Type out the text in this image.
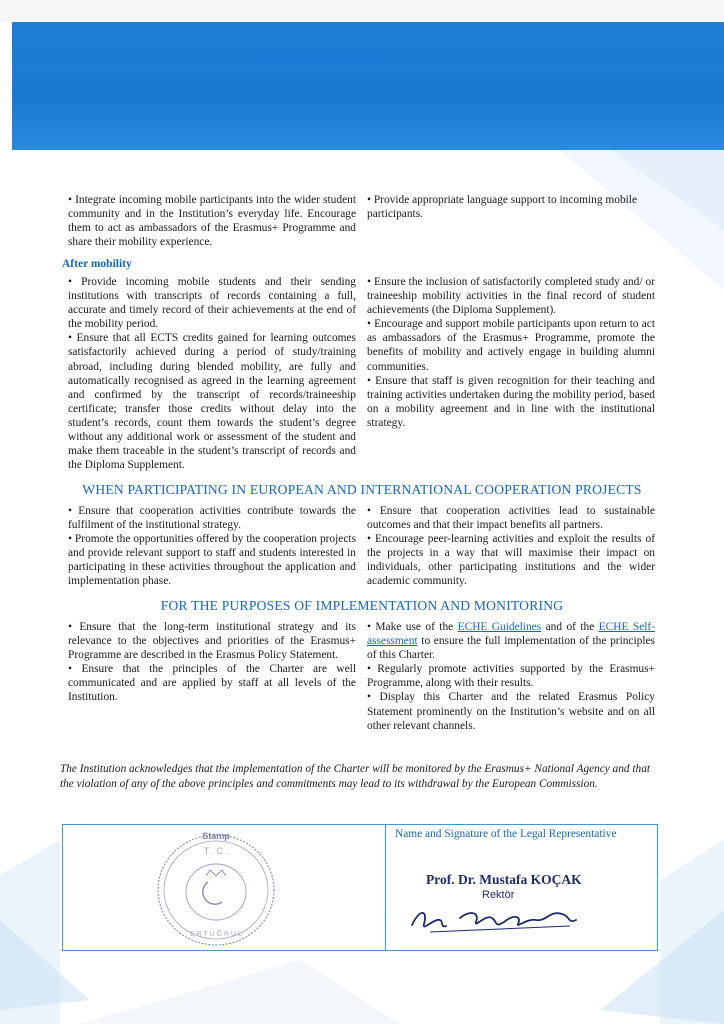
• Integrate incoming mobile participants into the wider student community and in the Institution’s everyday life. Encourage them to act as ambassadors of the Erasmus+ Programme and share their mobility experience.

• Provide appropriate language support to incoming mobile participants.

After mobility

• Provide incoming mobile students and their sending institutions with transcripts of records containing a full, accurate and timely record of their achievements at the end of the mobility period.

• Ensure that all ECTS credits gained for learning outcomes satisfactorily achieved during a period of study/training abroad, including during blended mobility, are fully and automatically recognised as agreed in the learning agreement and confirmed by the transcript of records/traineeship certificate; transfer those credits without delay into the student’s records, count them towards the student’s degree without any additional work or assessment of the student and make them traceable in the student’s transcript of records and the Diploma Supplement.

• Ensure the inclusion of satisfactorily completed study and/ or traineeship mobility activities in the final record of student achievements (the Diploma Supplement).

• Encourage and support mobile participants upon return to act as ambassadors of the Erasmus+ Programme, promote the benefits of mobility and actively engage in building alumni communities.

• Ensure that staff is given recognition for their teaching and training activities undertaken during the mobility period, based on a mobility agreement and in line with the institutional strategy.

WHEN PARTICIPATING IN EUROPEAN AND INTERNATIONAL COOPERATION PROJECTS

• Ensure that cooperation activities contribute towards the fulfilment of the institutional strategy.

• Promote the opportunities offered by the cooperation projects and provide relevant support to staff and students interested in participating in these activities throughout the application and implementation phase.

• Ensure that cooperation activities lead to sustainable outcomes and that their impact benefits all partners.

• Encourage peer-learning activities and exploit the results of the projects in a way that will maximise their impact on individuals, other participating institutions and the wider academic community.

FOR THE PURPOSES OF IMPLEMENTATION AND MONITORING

• Ensure that the long-term institutional strategy and its relevance to the objectives and priorities of the Erasmus+ Programme are described in the Erasmus Policy Statement.

• Ensure that the principles of the Charter are well communicated and are applied by staff at all levels of the Institution.

• Make use of the ECHE Guidelines and of the ECHE Self-assessment to ensure the full implementation of the principles of this Charter.

• Regularly promote activities supported by the Erasmus+ Programme, along with their results.

• Display this Charter and the related Erasmus Policy Statement prominently on the Institution’s website and on all other relevant channels.

The Institution acknowledges that the implementation of the Charter will be monitored by the Erasmus+ National Agency and that the violation of any of the above principles and commitments may lead to its withdrawal by the European Commission.
Name and Signature of the Legal Representative
Stamp
T . C .
E R T U Ğ R U L
Prof. Dr. Mustafa KOÇAK
Rektör
